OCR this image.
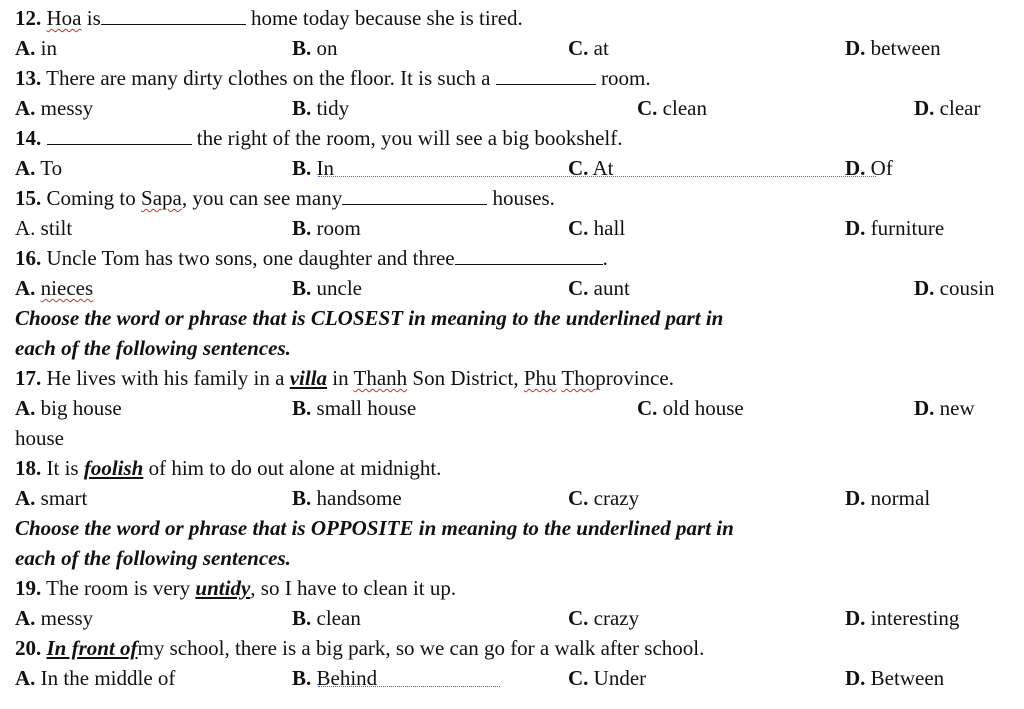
12. Hoa is	home today because she is tired.
A. in	B. on	C. at	D. between
13. There are many dirty clothes on the floor. It is such a	room.
A. messy	B. tidy	C. clean	D. clear
14.	the right of the room, you will see a big bookshelf.
A. To	B. In	C. At	D. Of
15. Coming to Sapa, you can see many	houses.
A. stilt	B. room	C. hall	D. furniture
16. Uncle Tom has two sons, one daughter and three	.
A. nieces	B. uncle	C. aunt	D. cousin
Choose the word or phrase that is CLOSEST in meaning to the underlined part in
each of the following sentences.
17. He lives with his family in a villa in Thanh Son District, Phu Thoprovince.
A. big house	B. small house	C. old house	D. new
house
18. It is foolish of him to do out alone at midnight.
A. smart	B. handsome	C. crazy	D. normal
Choose the word or phrase that is OPPOSITE in meaning to the underlined part in
each of the following sentences.
19. The room is very untidy, so I have to clean it up.
A. messy	B. clean	C. crazy	D. interesting
20. In front ofmy school, there is a big park, so we can go for a walk after school.
A. In the middle of	B. Behind	C. Under	D. Between
